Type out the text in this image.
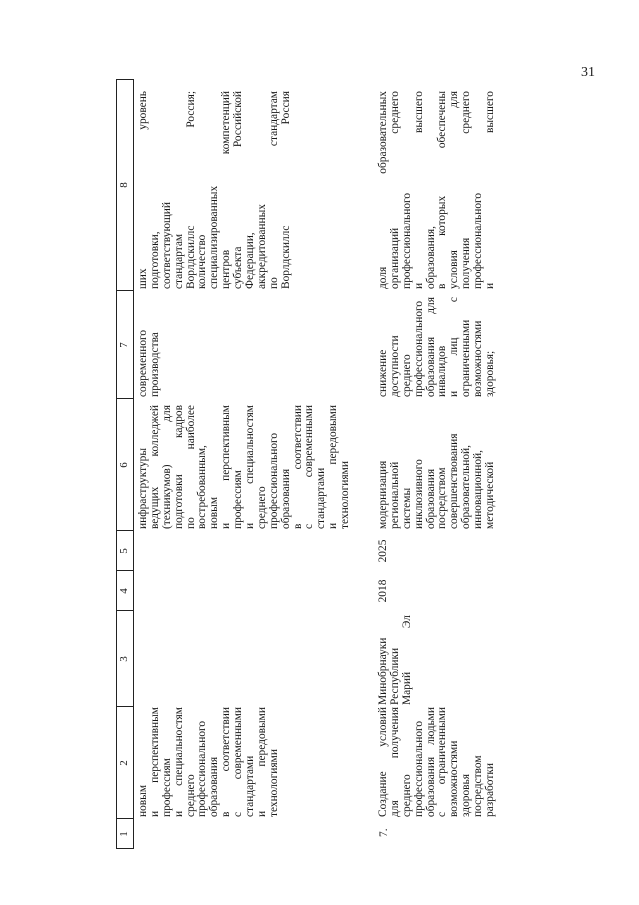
31
1
2
3
4
5
6
7
8
новым и
перспективным
профессиям и
специальностям
среднего профессионального образования в
соответствии
с
современными
стандартами и
передовыми
технологиями
инфраструктуры ведущих
колледжей
(техникумов)
для
подготовки
кадров
по
наиболее
востребованным, новым и
перспективным
профессиям и
специальностям
среднего профессионального образования в
соответствии
с
современными
стандартами и
передовыми
технологиями
современного производства
ших
уровень
подготовки, соответствующий стандартам Ворлдскиллс
Россия;
количество специализированных центров
компетенций
субъекта
Российской
Федерации, аккредитованных по
стандартам
Ворлдскиллс
Россия
7.
Создание
условий
для
получения
среднего профессионального образования
людьми
с
ограниченными возможностями здоровья посредством разработки
Минобрнауки Республики Марий
Эл
2018
2025
модернизация региональной системы инклюзивного образования посредством совершенствования образовательной, инновационной, методической
снижение доступности среднего профессионального образования
для
инвалидов и
лиц
с
ограниченными возможностями здоровья;
доля
образовательных
организаций
среднего
профессионального и
высшего
образования, в
которых
обеспечены
условия
для
получения
среднего
профессионального и
высшего
